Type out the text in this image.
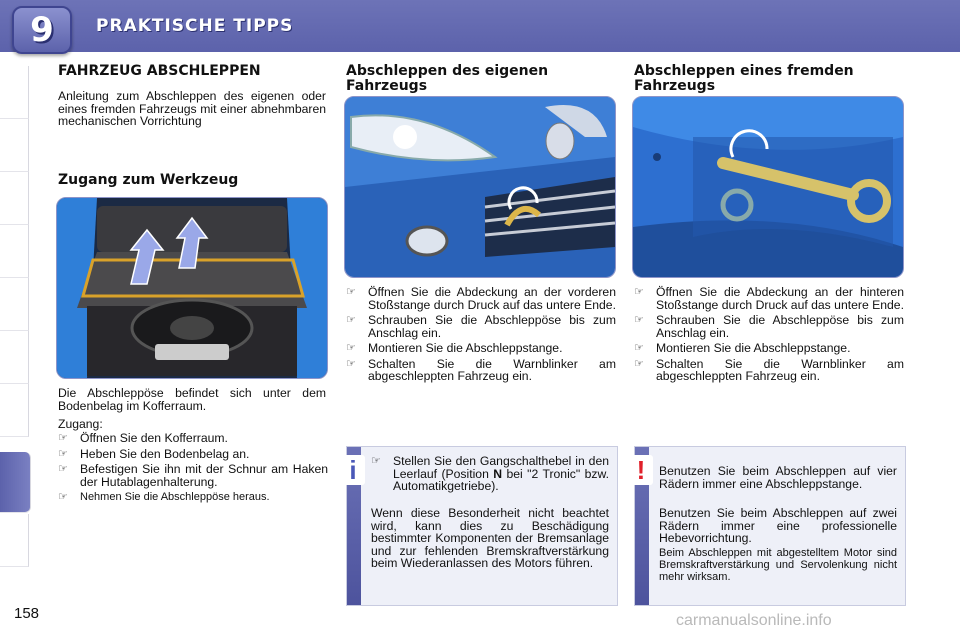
9 PRAKTISCHE TIPPS
FAHRZEUG ABSCHLEPPEN

Anleitung zum Abschleppen des eigenen oder eines fremden Fahrzeugs mit einer abnehmbaren mechanischen Vorrichtung

Zugang zum Werkzeug

Die Abschleppöse befindet sich unter dem Bodenbelag im Kofferraum.

Zugang:

☞ Öffnen Sie den Kofferraum.
☞ Heben Sie den Bodenbelag an.
☞ Befestigen Sie ihn mit der Schnur am Haken der Hutablagenhalterung.
☞ Nehmen Sie die Abschleppöse heraus.
Abschleppen des eigenen Fahrzeugs
☞ Öffnen Sie die Abdeckung an der vorderen Stoßstange durch Druck auf das untere Ende.
☞ Schrauben Sie die Abschleppöse bis zum Anschlag ein.
☞ Montieren Sie die Abschleppstange.
☞ Schalten Sie die Warnblinker am abgeschleppten Fahrzeug ein.
Abschleppen eines fremden Fahrzeugs
☞ Öffnen Sie die Abdeckung an der hinteren Stoßstange durch Druck auf das untere Ende.
☞ Schrauben Sie die Abschleppöse bis zum Anschlag ein.
☞ Montieren Sie die Abschleppstange.
☞ Schalten Sie die Warnblinker am abgeschleppten Fahrzeug ein.
i	☞ Stellen Sie den Gangschalthebel in den Leerlauf (Position N bei "2 Tronic" bzw. Automatikgetriebe).

Wenn diese Besonderheit nicht beachtet wird, kann dies zu Beschädigung bestimmter Komponenten der Bremsanlage und zur fehlenden Bremskraftverstärkung beim Wiederanlassen des Motors führen.

!	Benutzen Sie beim Abschleppen auf vier Rädern immer eine Abschleppstange.

Benutzen Sie beim Abschleppen auf zwei Rädern immer eine professionelle Hebevorrichtung.

Beim Abschleppen mit abgestelltem Motor sind Bremskraftverstärkung und Servolenkung nicht mehr wirksam.

158	carmanualsonline.info
